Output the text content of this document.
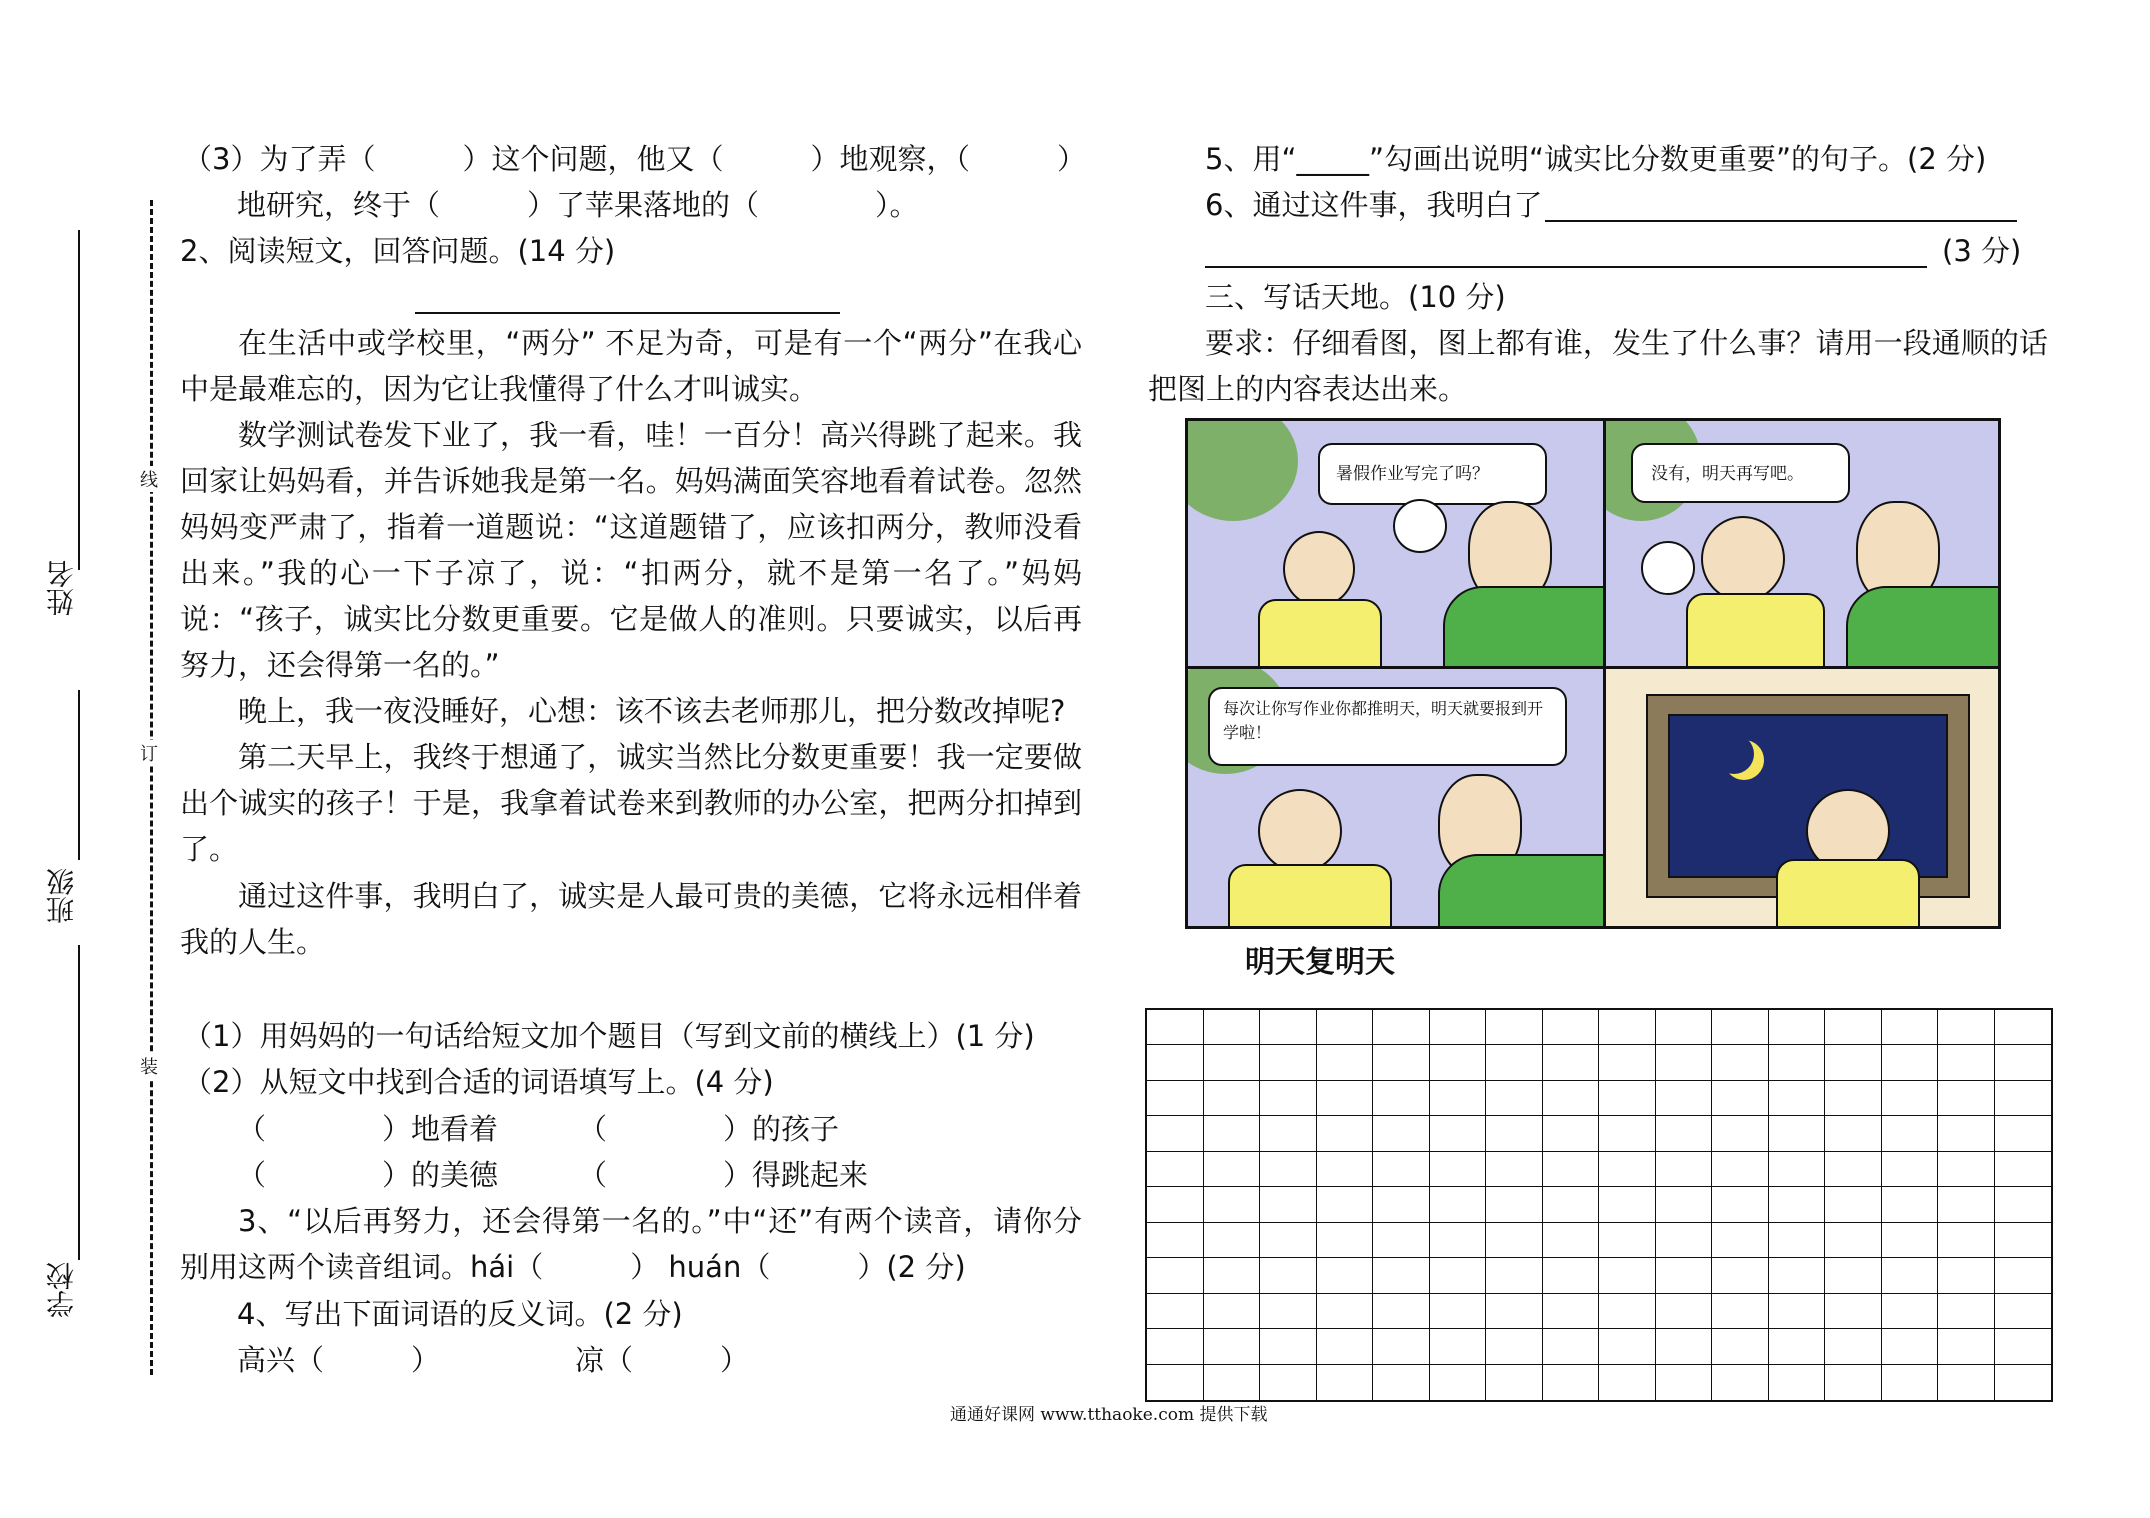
姓名
班级
学校
线
订
装
（3）为了弄（　　　）这个问题，他又（　　　）地观察，（　　　）
地研究，终于（　　　）了苹果落地的（　　　　）。
2、阅读短文，回答问题。(14 分)
在生活中或学校里，“两分” 不足为奇，可是有一个“两分”在我心中是最难忘的，因为它让我懂得了什么才叫诚实。
数学测试卷发下业了，我一看，哇！一百分！高兴得跳了起来。我回家让妈妈看，并告诉她我是第一名。妈妈满面笑容地看着试卷。忽然妈妈变严肃了，指着一道题说：“这道题错了，应该扣两分，教师没看出来。”我的心一下子凉了，说：“扣两分，就不是第一名了。”妈妈说：“孩子，诚实比分数更重要。它是做人的准则。只要诚实，以后再努力，还会得第一名的。”
晚上，我一夜没睡好，心想：该不该去老师那儿，把分数改掉呢?
第二天早上，我终于想通了，诚实当然比分数更重要！我一定要做出个诚实的孩子！于是，我拿着试卷来到教师的办公室，把两分扣掉到了。
通过这件事，我明白了，诚实是人最可贵的美德，它将永远相伴着我的人生。
（1）用妈妈的一句话给短文加个题目（写到文前的横线上）(1 分)
（2）从短文中找到合适的词语填写上。(4 分)
（　　　　）地看着	（　　　　）的孩子
（　　　　）的美德	（　　　　）得跳起来
3、“以后再努力，还会得第一名的。”中“还”有两个读音，请你分别用这两个读音组词。hái（　　　） huán（　　　）(2 分)
4、写出下面词语的反义词。(2 分)
高兴（　　　）	凉（　　　）
5、用“_____”勾画出说明“诚实比分数更重要”的句子。(2 分)
6、通过这件事，我明白了
(3 分)
三、写话天地。(10 分)
要求：仔细看图，图上都有谁，发生了什么事？请用一段通顺的话把图上的内容表达出来。
暑假作业写完了吗？	没有，明天再写吧。
每次让你写作业你都推明天，明天就要报到开学啦！
明天复明天
通通好课网 www.tthaoke.com 提供下载
